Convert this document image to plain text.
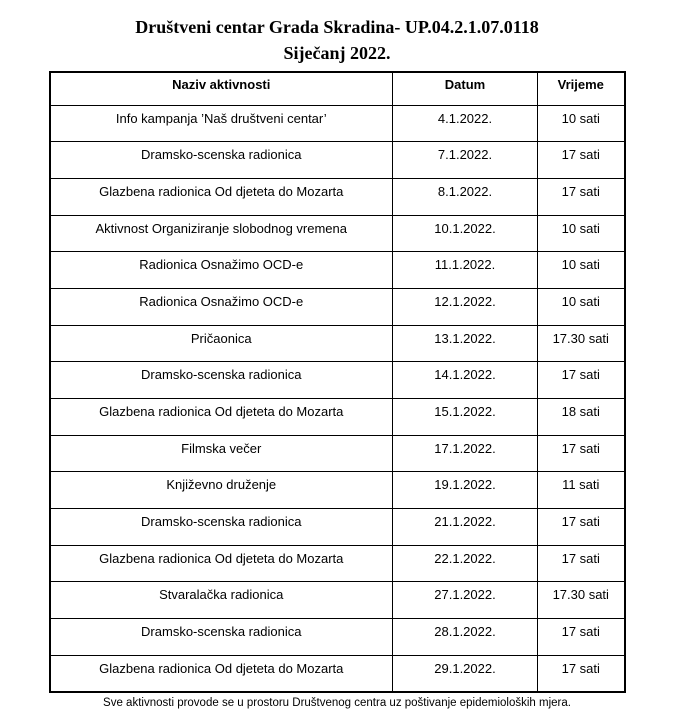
Društveni centar Grada Skradina- UP.04.2.1.07.0118
Siječanj 2022.
Naziv aktivnosti	Datum	Vrijeme
Info kampanja ’Naš društveni centar’	4.1.2022.	10 sati
Dramsko-scenska radionica	7.1.2022.	17 sati
Glazbena radionica Od djeteta do Mozarta	8.1.2022.	17 sati
Aktivnost Organiziranje slobodnog vremena	10.1.2022.	10 sati
Radionica Osnažimo OCD-e	11.1.2022.	10 sati
Radionica Osnažimo OCD-e	12.1.2022.	10 sati
Pričaonica	13.1.2022.	17.30 sati
Dramsko-scenska radionica	14.1.2022.	17 sati
Glazbena radionica Od djeteta do Mozarta	15.1.2022.	18 sati
Filmska večer	17.1.2022.	17 sati
Književno druženje	19.1.2022.	11 sati
Dramsko-scenska radionica	21.1.2022.	17 sati
Glazbena radionica Od djeteta do Mozarta	22.1.2022.	17 sati
Stvaralačka radionica	27.1.2022.	17.30 sati
Dramsko-scenska radionica	28.1.2022.	17 sati
Glazbena radionica Od djeteta do Mozarta	29.1.2022.	17 sati
Sve aktivnosti provode se u prostoru Društvenog centra uz poštivanje epidemioloških mjera.
